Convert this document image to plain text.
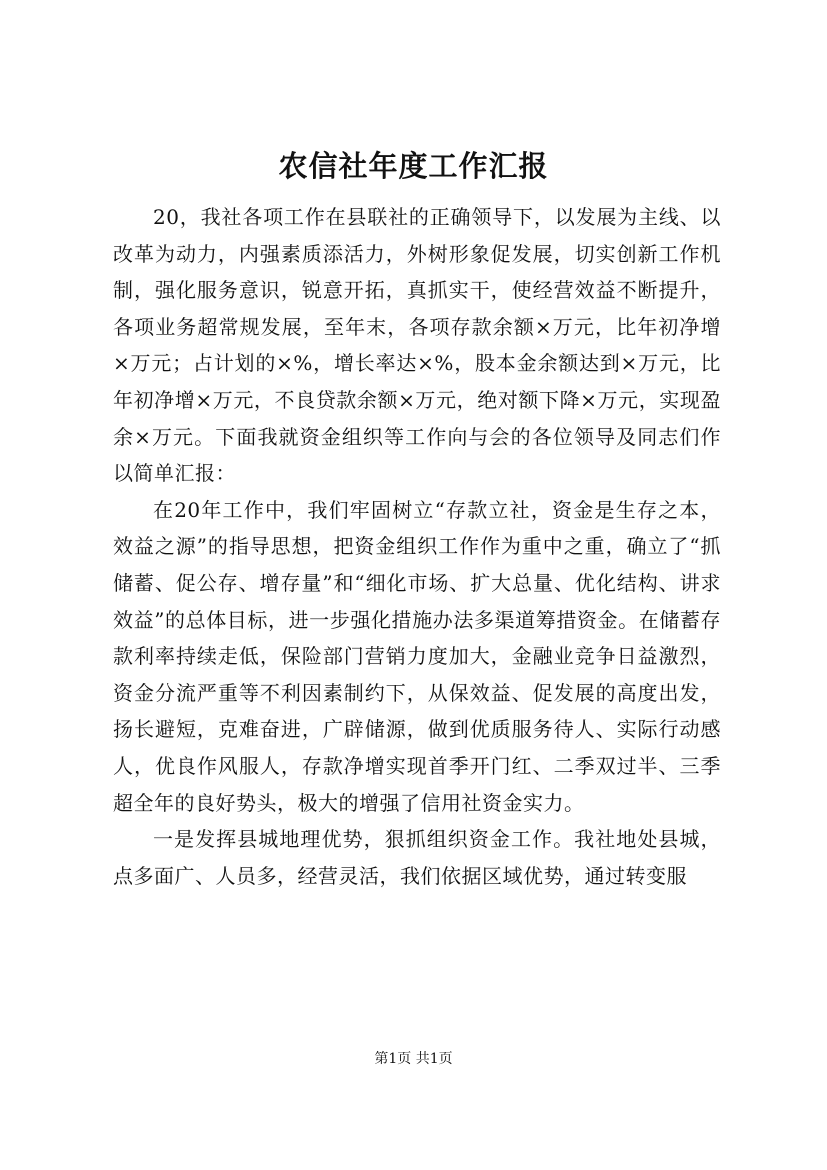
农信社年度工作汇报

20，我社各项工作在县联社的正确领导下，以发展为主线、以改革为动力，内强素质添活力，外树形象促发展，切实创新工作机制，强化服务意识，锐意开拓，真抓实干，使经营效益不断提升，各项业务超常规发展，至年末，各项存款余额×万元，比年初净增×万元；占计划的×%，增长率达×%，股本金余额达到×万元，比年初净增×万元，不良贷款余额×万元，绝对额下降×万元，实现盈余×万元。下面我就资金组织等工作向与会的各位领导及同志们作以简单汇报：

在20年工作中，我们牢固树立“存款立社，资金是生存之本，效益之源”的指导思想，把资金组织工作作为重中之重，确立了“抓储蓄、促公存、增存量”和“细化市场、扩大总量、优化结构、讲求效益”的总体目标，进一步强化措施办法多渠道筹措资金。在储蓄存款利率持续走低，保险部门营销力度加大，金融业竞争日益激烈，资金分流严重等不利因素制约下，从保效益、促发展的高度出发，扬长避短，克难奋进，广辟储源，做到优质服务待人、实际行动感人，优良作风服人，存款净增实现首季开门红、二季双过半、三季超全年的良好势头，极大的增强了信用社资金实力。

一是发挥县城地理优势，狠抓组织资金工作。我社地处县城，点多面广、人员多，经营灵活，我们依据区域优势，通过转变服

第1页 共1页
